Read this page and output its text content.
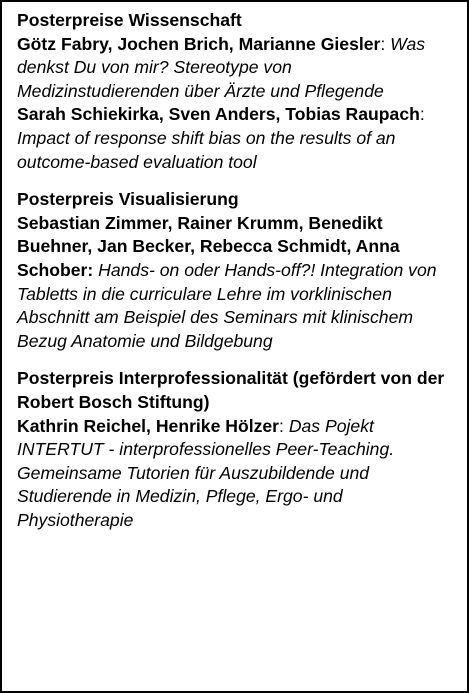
Posterpreise Wissenschaft

Götz Fabry, Jochen Brich, Marianne Giesler: Was denkst Du von mir? Stereotype von Medizinstudierenden über Ärzte und Pflegende

Sarah Schiekirka, Sven Anders, Tobias Raupach: Impact of response shift bias on the results of an outcome-based evaluation tool

Posterpreis Visualisierung

Sebastian Zimmer, Rainer Krumm, Benedikt Buehner, Jan Becker, Rebecca Schmidt, Anna Schober: Hands- on oder Hands-off?! Integration von Tabletts in die curriculare Lehre im vorklinischen Abschnitt am Beispiel des Seminars mit klinischem Bezug Anatomie und Bildgebung

Posterpreis Interprofessionalität (gefördert von der Robert Bosch Stiftung)

Kathrin Reichel, Henrike Hölzer: Das Pojekt INTERTUT - interprofessionelles Peer-Teaching. Gemeinsame Tutorien für Auszubildende und Studierende in Medizin, Pflege, Ergo- und Physiotherapie
